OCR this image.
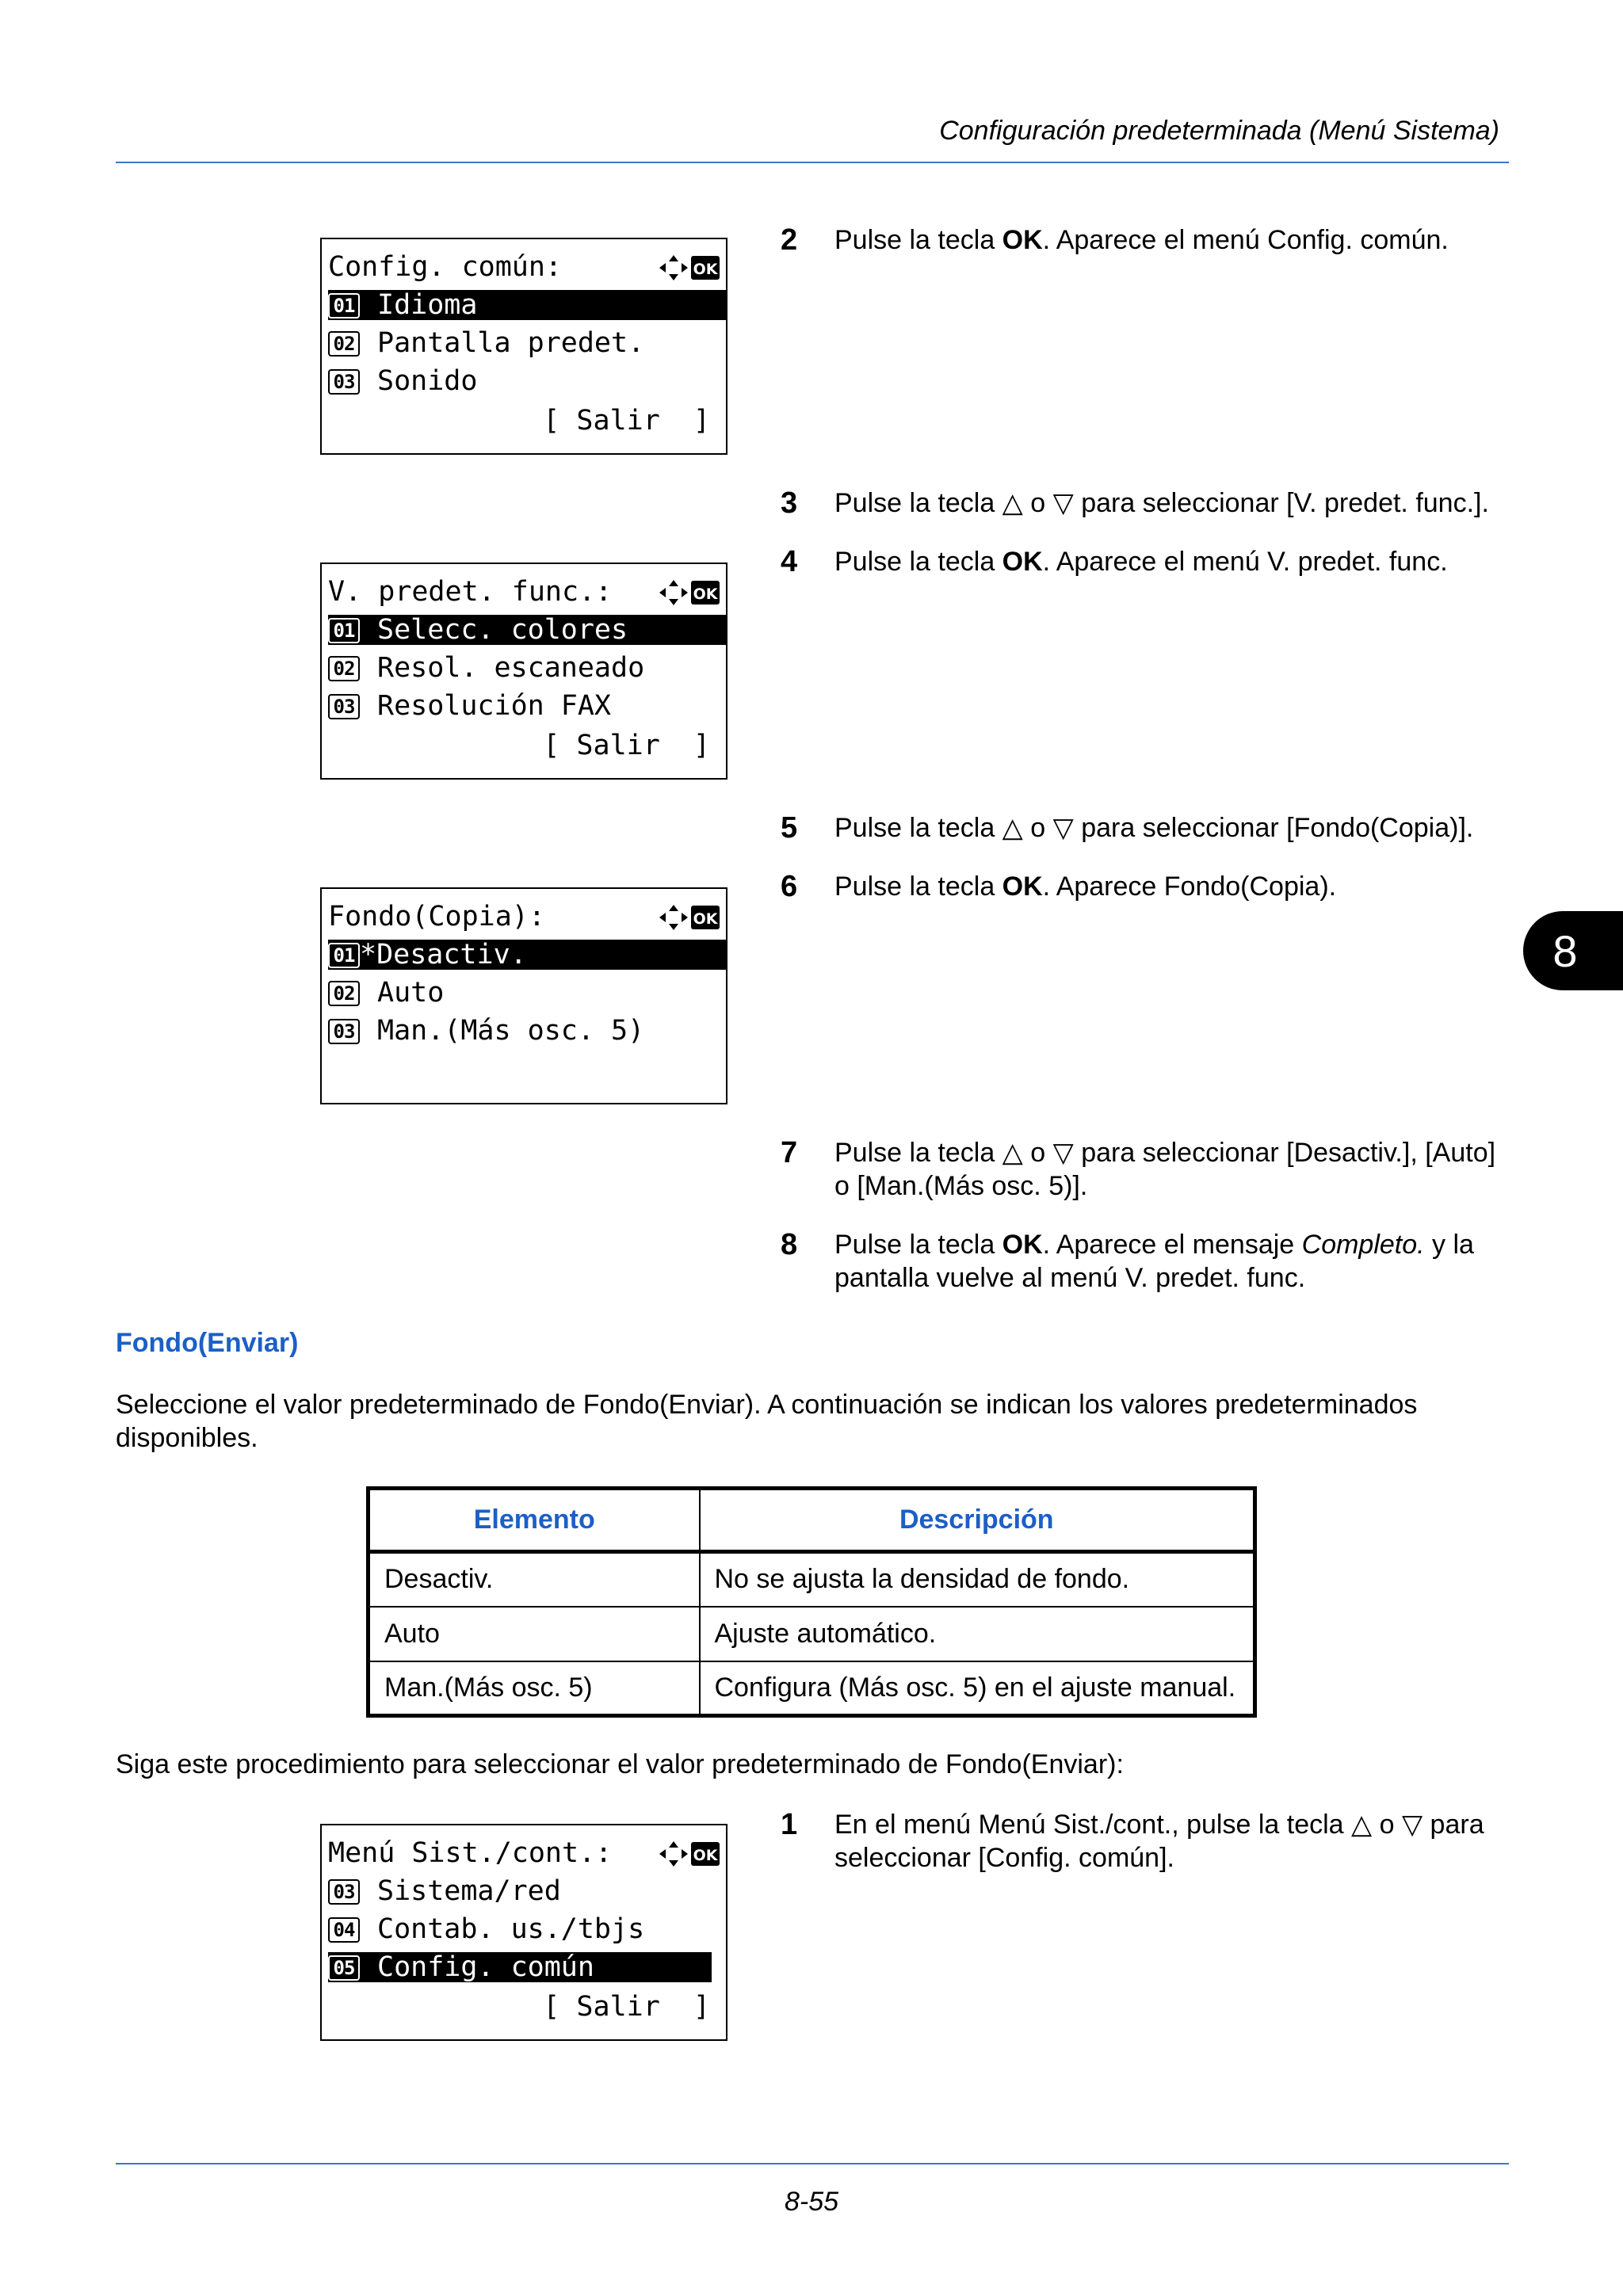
Configuración predeterminada (Menú Sistema)
8
Config. común:	OK
01 Idioma
02 Pantalla predet.
03 Sonido
[ Salir  ]
V. predet. func.:	OK
01 Selecc. colores
02 Resol. escaneado
03 Resolución FAX
[ Salir  ]
Fondo(Copia):	OK
01 *Desactiv.
02 Auto
03 Man.(Más osc. 5)
Menú Sist./cont.:	OK
03 Sistema/red
04 Contab. us./tbjs
05 Config. común
[ Salir  ]
2 Pulse la tecla OK. Aparece el menú Config. común.
3 Pulse la tecla △ o ▽ para seleccionar [V. predet. func.].
4 Pulse la tecla OK. Aparece el menú V. predet. func.
5 Pulse la tecla △ o ▽ para seleccionar [Fondo(Copia)].
6 Pulse la tecla OK. Aparece Fondo(Copia).
7 Pulse la tecla △ o ▽ para seleccionar [Desactiv.], [Auto] o [Man.(Más osc. 5)].
8 Pulse la tecla OK. Aparece el mensaje Completo. y la pantalla vuelve al menú V. predet. func.
Fondo(Enviar)
Seleccione el valor predeterminado de Fondo(Enviar). A continuación se indican los valores predeterminados disponibles.
Elemento	Descripción
Desactiv.	No se ajusta la densidad de fondo.
Auto	Ajuste automático.
Man.(Más osc. 5)	Configura (Más osc. 5) en el ajuste manual.
Siga este procedimiento para seleccionar el valor predeterminado de Fondo(Enviar):
1 En el menú Menú Sist./cont., pulse la tecla △ o ▽ para seleccionar [Config. común].
8-55
